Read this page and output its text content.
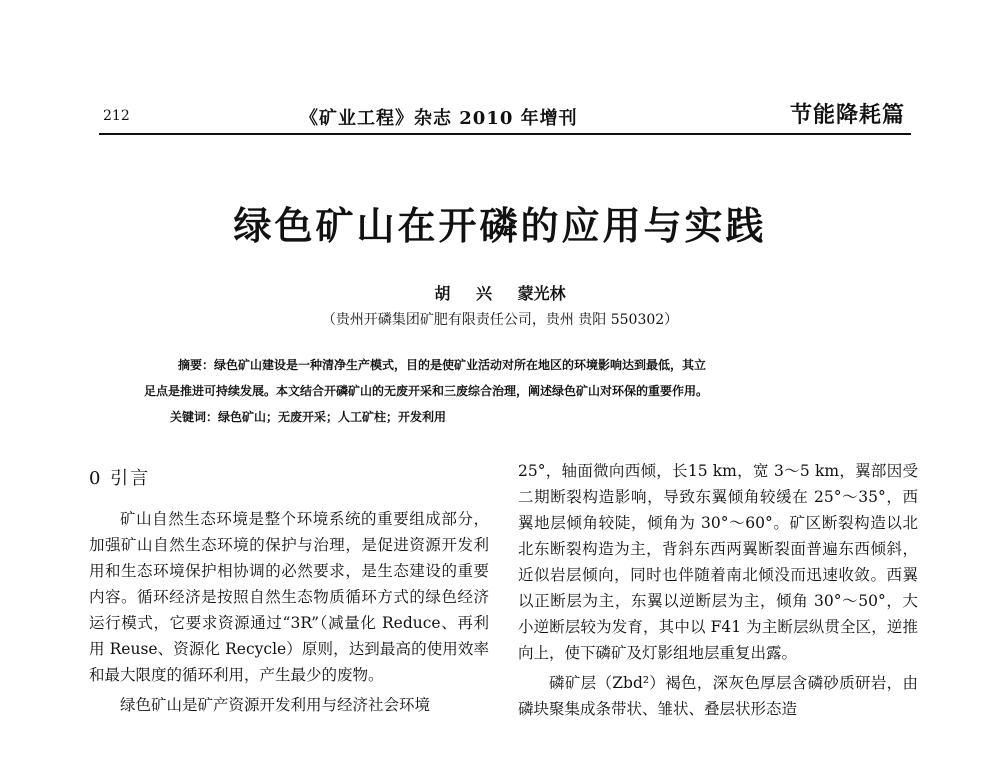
212	《矿业工程》杂志 2010 年增刊	节能降耗篇
绿色矿山在开磷的应用与实践
胡 兴 蒙光林
（贵州开磷集团矿肥有限责任公司，贵州 贵阳 550302）
摘要：绿色矿山建设是一种清净生产模式，目的是使矿业活动对所在地区的环境影响达到最低，其立
足点是推进可持续发展。本文结合开磷矿山的无废开采和三废综合治理，阐述绿色矿山对环保的重要作用。
关键词：绿色矿山；无废开采；人工矿柱；开发利用

0 引言

矿山自然生态环境是整个环境系统的重要组成部分，加强矿山自然生态环境的保护与治理，是促进资源开发利用和生态环境保护相协调的必然要求，是生态建设的重要内容。循环经济是按照自然生态物质循环方式的绿色经济运行模式，它要求资源通过“3R”（减量化 Reduce、再利用 Reuse、资源化 Recycle）原则，达到最高的使用效率和最大限度的循环利用，产生最少的废物。

绿色矿山是矿产资源开发利用与经济社会环境

25°，轴面微向西倾，长15 km，宽 3～5 km，翼部因受二期断裂构造影响，导致东翼倾角较缓在 25°～35°，西翼地层倾角较陡，倾角为 30°～60°。矿区断裂构造以北北东断裂构造为主，背斜东西两翼断裂面普遍东西倾斜，近似岩层倾向，同时也伴随着南北倾没而迅速收敛。西翼以正断层为主，东翼以逆断层为主，倾角 30°～50°，大小逆断层较为发育，其中以 F41 为主断层纵贯全区，逆推向上，使下磷矿及灯影组地层重复出露。

磷矿层（Zbd²）褐色，深灰色厚层含磷砂质研岩，由磷块聚集成条带状、雏状、叠层状形态造
